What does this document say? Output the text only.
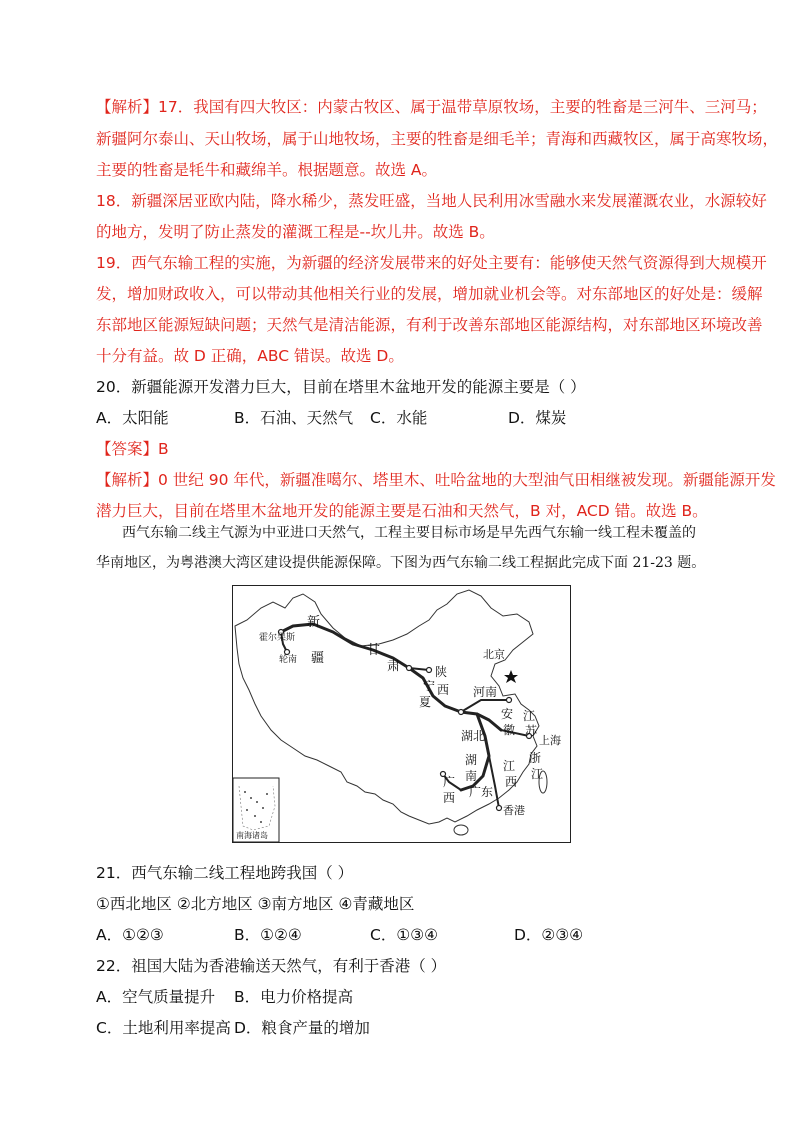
【解析】17．我国有四大牧区：内蒙古牧区、属于温带草原牧场，主要的牲畜是三河牛、三河马；
新疆阿尔泰山、天山牧场，属于山地牧场，主要的牲畜是细毛羊；青海和西藏牧区，属于高寒牧场，
主要的牲畜是牦牛和藏绵羊。根据题意。故选 A。
18．新疆深居亚欧内陆，降水稀少，蒸发旺盛，当地人民利用冰雪融水来发展灌溉农业，水源较好
的地方，发明了防止蒸发的灌溉工程是--坎儿井。故选 B。
19．西气东输工程的实施，为新疆的经济发展带来的好处主要有：能够使天然气资源得到大规模开
发，增加财政收入，可以带动其他相关行业的发展，增加就业机会等。对东部地区的好处是：缓解
东部地区能源短缺问题；天然气是清洁能源，有利于改善东部地区能源结构，对东部地区环境改善
十分有益。故 D 正确，ABC 错误。故选 D。
20．新疆能源开发潜力巨大，目前在塔里木盆地开发的能源主要是（ ）
A．太阳能	B．石油、天然气 C．水能	D．煤炭
【答案】B
【解析】0 世纪 90 年代，新疆准噶尔、塔里木、吐哈盆地的大型油气田相继被发现。新疆能源开发
潜力巨大，目前在塔里木盆地开发的能源主要是石油和天然气，B 对，ACD 错。故选 B。
西气东输二线主气源为中亚进口天然气，工程主要目标市场是早先西气东输一线工程未覆盖的
华南地区，为粤港澳大湾区建设提供能源保障。下图为西气东输二线工程据此完成下面 21-23 题。
新
疆
霍尔果斯
轮南
甘
肃
北京
陕
西
宁
夏
河南
安
徽
江
苏
上海
湖北
湖
南
浙
江
江
西
广
西 广东
香港
南海诸岛
21．西气东输二线工程地跨我国（ ）
①西北地区 ②北方地区 ③南方地区 ④青藏地区
A．①②③	B．①②④	C．①③④	D．②③④
22．祖国大陆为香港输送天然气，有利于香港（ ）
A．空气质量提升 B．电力价格提高
C．土地利用率提高 D．粮食产量的增加
